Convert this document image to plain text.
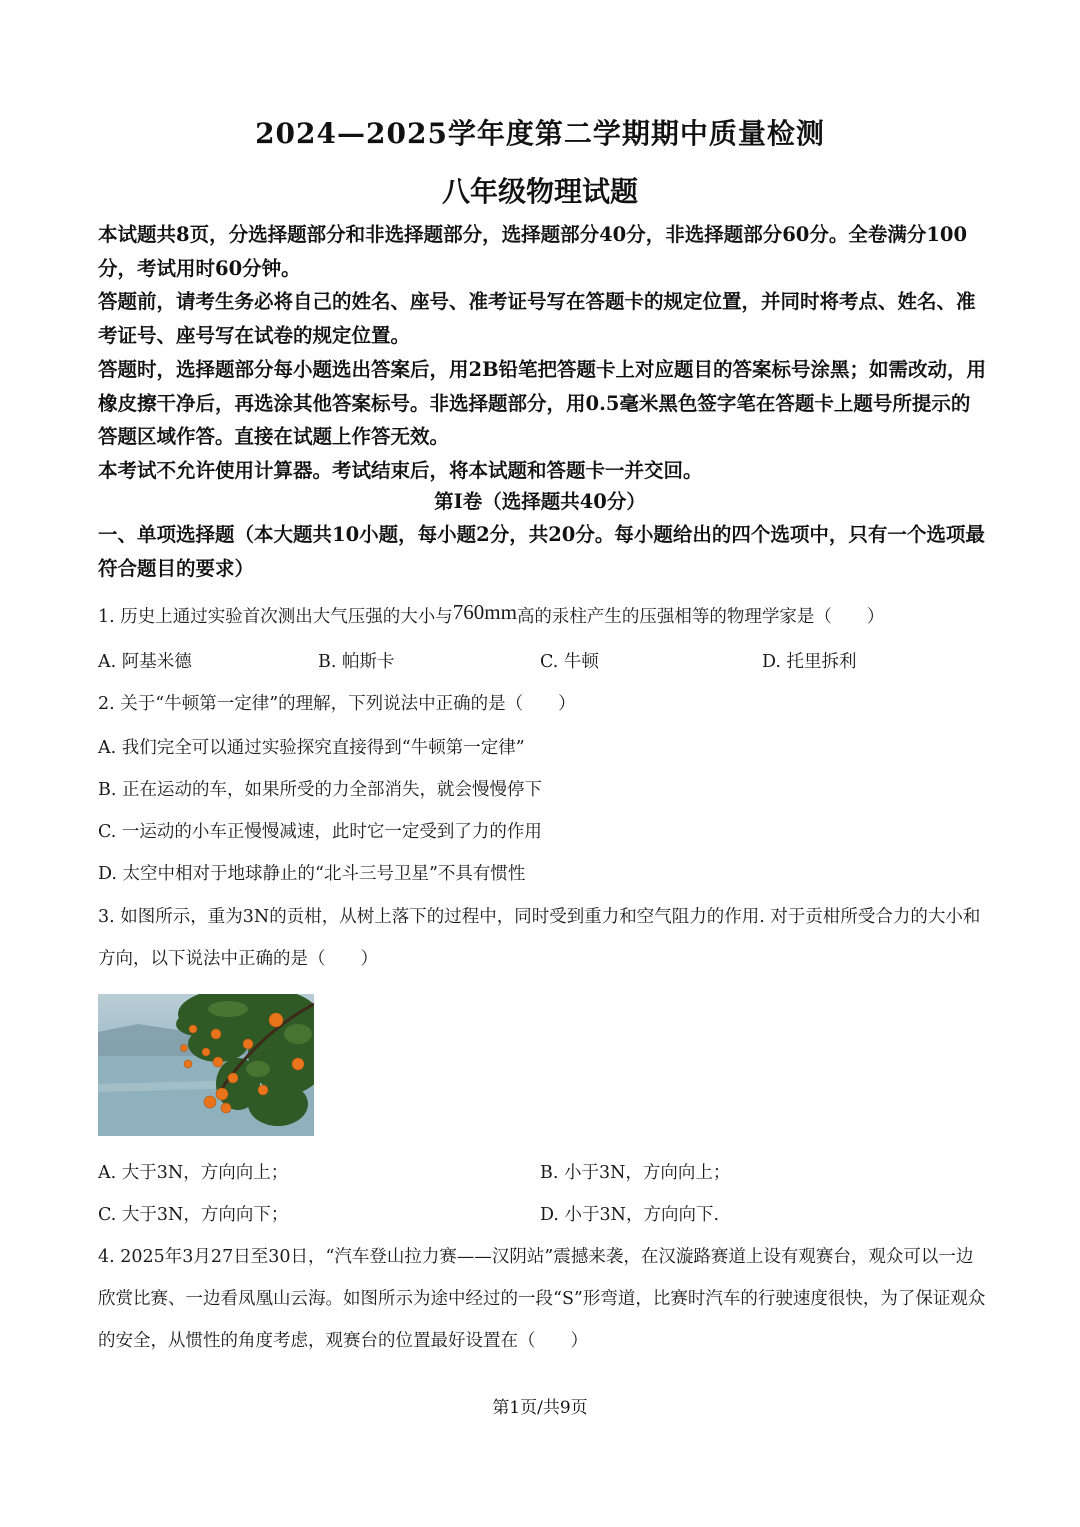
2024—2025学年度第二学期期中质量检测
八年级物理试题

本试题共8页，分选择题部分和非选择题部分，选择题部分40分，非选择题部分60分。全卷满分100分，考试用时60分钟。

答题前，请考生务必将自己的姓名、座号、准考证号写在答题卡的规定位置，并同时将考点、姓名、准考证号、座号写在试卷的规定位置。

答题时，选择题部分每小题选出答案后，用2B铅笔把答题卡上对应题目的答案标号涂黑；如需改动，用橡皮擦干净后，再选涂其他答案标号。非选择题部分，用0.5毫米黑色签字笔在答题卡上题号所提示的答题区域作答。直接在试题上作答无效。

本考试不允许使用计算器。考试结束后，将本试题和答题卡一并交回。

第Ⅰ卷（选择题共40分）
一、单项选择题（本大题共10小题，每小题2分，共20分。每小题给出的四个选项中，只有一个选项最符合题目的要求）
1. 历史上通过实验首次测出大气压强的大小与760mm高的汞柱产生的压强相等的物理学家是（　　）
A. 阿基米德	B. 帕斯卡	C. 牛顿	D. 托里拆利
2. 关于“牛顿第一定律”的理解，下列说法中正确的是（　　）
A. 我们完全可以通过实验探究直接得到“牛顿第一定律”
B. 正在运动的车，如果所受的力全部消失，就会慢慢停下
C. 一运动的小车正慢慢减速，此时它一定受到了力的作用
D. 太空中相对于地球静止的“北斗三号卫星”不具有惯性
3. 如图所示，重为3N的贡柑，从树上落下的过程中，同时受到重力和空气阻力的作用. 对于贡柑所受合力的大小和方向，以下说法中正确的是（　　）
A. 大于3N，方向向上；	B. 小于3N，方向向上；
C. 大于3N，方向向下；	D. 小于3N，方向向下.
4. 2025年3月27日至30日，“汽车登山拉力赛——汉阴站”震撼来袭，在汉漩路赛道上设有观赛台，观众可以一边欣赏比赛、一边看凤凰山云海。如图所示为途中经过的一段“S”形弯道，比赛时汽车的行驶速度很快，为了保证观众的安全，从惯性的角度考虑，观赛台的位置最好设置在（　　）
第1页/共9页
